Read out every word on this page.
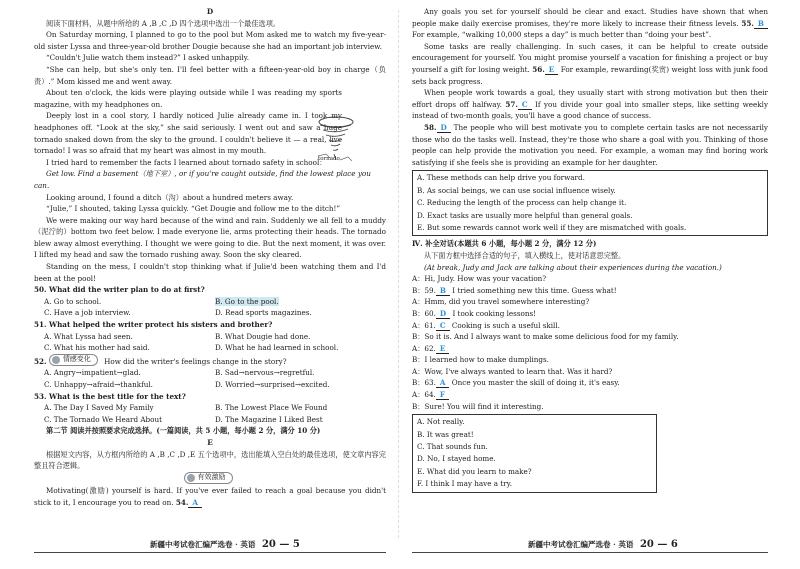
D

阅读下面材料，从题中所给的 A ,B ,C ,D 四个选项中选出一个最佳选项。

On Saturday morning, I planned to go to the pool but Mom asked me to watch my five-year-old sister Lyssa and three-year-old brother Dougie because she had an important job interview.

“Couldn't Julie watch them instead?” I asked unhappily.

“She can help, but she's only ten. I'll feel better with a fifteen-year-old boy in charge（负责）.” Mom kissed me and went away.

About ten o'clock, the kids were playing outside while I was reading my sports magazine, with my headphones on.

Deeply lost in a cool story, I hardly noticed Julie already came in. I took my headphones off. “Look at the sky,” she said seriously. I went out and saw a huge tornado snaked down from the sky to the ground. I couldn't believe it — a real, live tornado! I was so afraid that my heart was almost in my mouth.

I tried hard to remember the facts I learned about tornado safety in school：

Get low. Find a basement（地下室）, or if you're caught outside, find the lowest place you can.

Looking around, I found a ditch（沟）about a hundred meters away.

“Julie,” I shouted, taking Lyssa quickly. “Get Dougie and follow me to the ditch!”

We were making our way hard because of the wind and rain. Suddenly we all fell to a muddy（泥泞的）bottom two feet below. I made everyone lie, arms protecting their heads. The tornado blew away almost everything. I thought we were going to die. But the next moment, it was over. I lifted my head and saw the tornado rushing away. Soon the sky cleared.

Standing on the mess, I couldn't stop thinking what if Julie'd been watching them and I'd been at the pool!

50. What did the writer plan to do at first?

A. Go to school.	B. Go to the pool.
C. Have a job interview.	D. Read sports magazines.

51. What helped the writer protect his sisters and brother?

A. What Lyssa had seen.	B. What Dougie had done.
C. What his mother had said.	D. What he had learned in school.

52. 情感变化 How did the writer's feelings change in the story?

A. Angry→impatient→glad.	B. Sad→nervous→regretful.
C. Unhappy→afraid→thankful.	D. Worried→surprised→excited.

53. What is the best title for the text?

A. The Day I Saved My Family	B. The Lowest Place We Found
C. The Tornado We Heard About	D. The Magazine I Liked Best

第二节 阅读并按照要求完成选择。(一篇阅读，共 5 小题，每小题 2 分，满分 10 分)

E

根据短文内容，从方框内所给的 A ,B ,C ,D ,E 五个选项中，选出能填入空白处的最佳选项，使文章内容完整且符合逻辑。

有效激励

Motivating(激励) yourself is hard. If you've ever failed to reach a goal because you didn't stick to it, I encourage you to read on. 54. A

tornado
新疆中考试卷汇编严选卷 · 英语 20 — 5

Any goals you set for yourself should be clear and exact. Studies have shown that when people make daily exercise promises, they're more likely to increase their fitness levels. 55. B For example, “walking 10,000 steps a day” is much better than “doing your best”.

Some tasks are really challenging. In such cases, it can be helpful to create outside encouragement for yourself. You might promise yourself a vacation for finishing a project or buy yourself a gift for losing weight. 56. E For example, rewarding(奖赏) weight loss with junk food sets back progress.

When people work towards a goal, they usually start with strong motivation but then their effort drops off halfway. 57. C If you divide your goal into smaller steps, like setting weekly instead of two-month goals, you'll have a good chance of success.

58. D The people who will best motivate you to complete certain tasks are not necessarily those who do the tasks well. Instead, they're those who share a goal with you. Thinking of those people can help provide the motivation you need. For example, a woman may find boring work satisfying if she feels she is providing an example for her daughter.

A. These methods can help drive you forward.

B. As social beings, we can use social influence wisely.

C. Reducing the length of the process can help change it.

D. Exact tasks are usually more helpful than general goals.

E. But some rewards cannot work well if they are mismatched with goals.

Ⅳ. 补全对话(本题共 6 小题，每小题 2 分，满分 12 分)

从下面方框中选择合适的句子，填入横线上，使对话意思完整。

(At break, Judy and Jack are talking about their experiences during the vacation.)

A：Hi, Judy. How was your vacation?

B：59. B I tried something new this time. Guess what!

A：Hmm, did you travel somewhere interesting?

B：60. D I took cooking lessons!

A：61. C Cooking is such a useful skill.

B：So it is. And I always want to make some delicious food for my family.

A：62. E

B：I learned how to make dumplings.

A：Wow, I've always wanted to learn that. Was it hard?

B：63. A Once you master the skill of doing it, it's easy.

A：64. F

B：Sure! You will find it interesting.

A. Not really.

B. It was great!

C. That sounds fun.

D. No, I stayed home.

E. What did you learn to make?

F. I think I may have a try.

新疆中考试卷汇编严选卷 · 英语 20 — 6
